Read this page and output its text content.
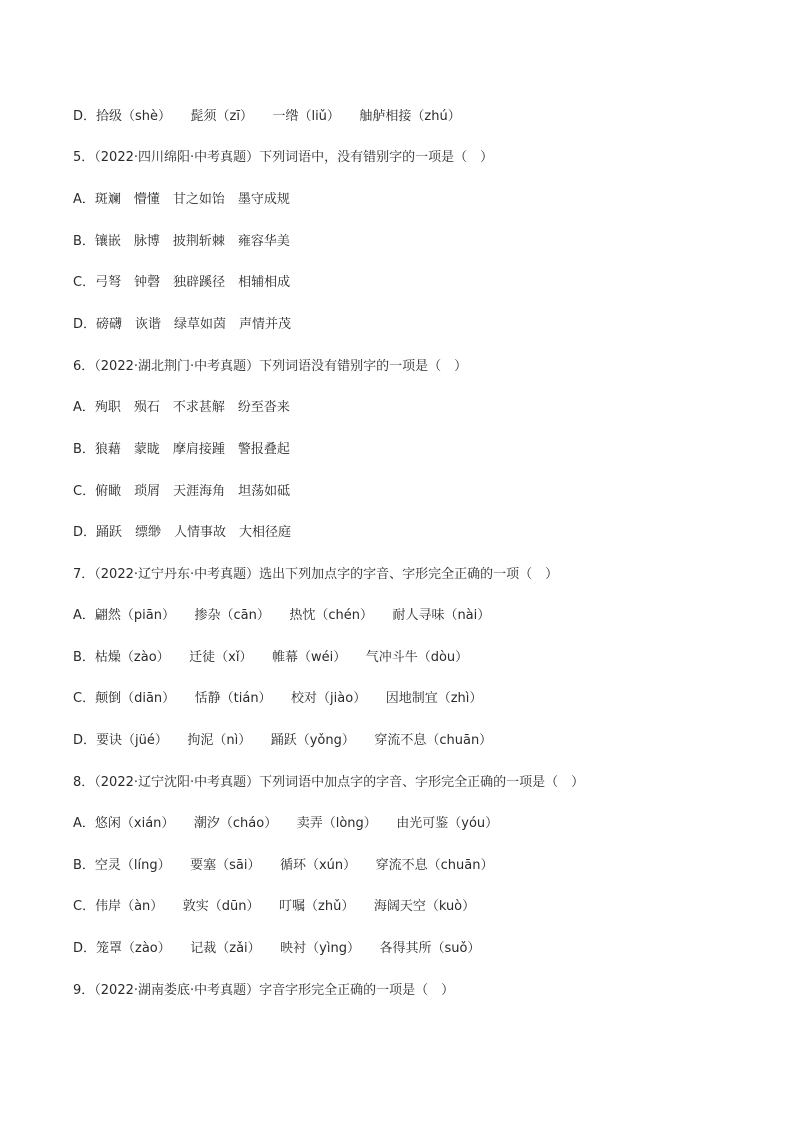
D．拾级（shè）　　髭须（zī）　　一绺（liǔ）　　舳舻相接（zhú）
5．（2022·四川绵阳·中考真题）下列词语中，没有错别字的一项是（　）
A．斑斓　懵懂　甘之如饴　墨守成规
B．镶嵌　脉博　披荆斩棘　雍容华美
C．弓弩　钟磬　独辟蹊径　相辅相成
D．磅礴　诙谐　绿草如茵　声情并茂
6．（2022·湖北荆门·中考真题）下列词语没有错别字的一项是（　）
A．殉职　殒石　不求甚解　纷至沓来
B．狼藉　蒙眬　摩肩接踵　警报叠起
C．俯瞰　琐屑　天涯海角　坦荡如砥
D．踊跃　缥缈　人情事故　大相径庭
7．（2022·辽宁丹东·中考真题）选出下列加点字的字音、字形完全正确的一项（　）
A．翩然（piān）　　掺杂（cān）　　热忱（chén）　　耐人寻味（nài）
B．枯燥（zào）　　迁徒（xǐ）　　帷幕（wéi）　　气冲斗牛（dòu）
C．颠倒（diān）　　恬静（tián）　　校对（jiào）　　因地制宜（zhì）
D．要诀（jüé）　　拘泥（nì）　　踊跃（yǒng）　　穿流不息（chuān）
8．（2022·辽宁沈阳·中考真题）下列词语中加点字的字音、字形完全正确的一项是（　）
A．悠闲（xián）　　潮汐（cháo）　　卖弄（lòng）　　由光可鉴（yóu）
B．空灵（líng）　　要塞（sāi）　　循环（xún）　　穿流不息（chuān）
C．伟岸（àn）　　敦实（dūn）　　叮嘱（zhǔ）　　海阔天空（kuò）
D．笼罩（zào）　　记裁（zǎi）　　映衬（yìng）　　各得其所（suǒ）
9．（2022·湖南娄底·中考真题）字音字形完全正确的一项是（　）
